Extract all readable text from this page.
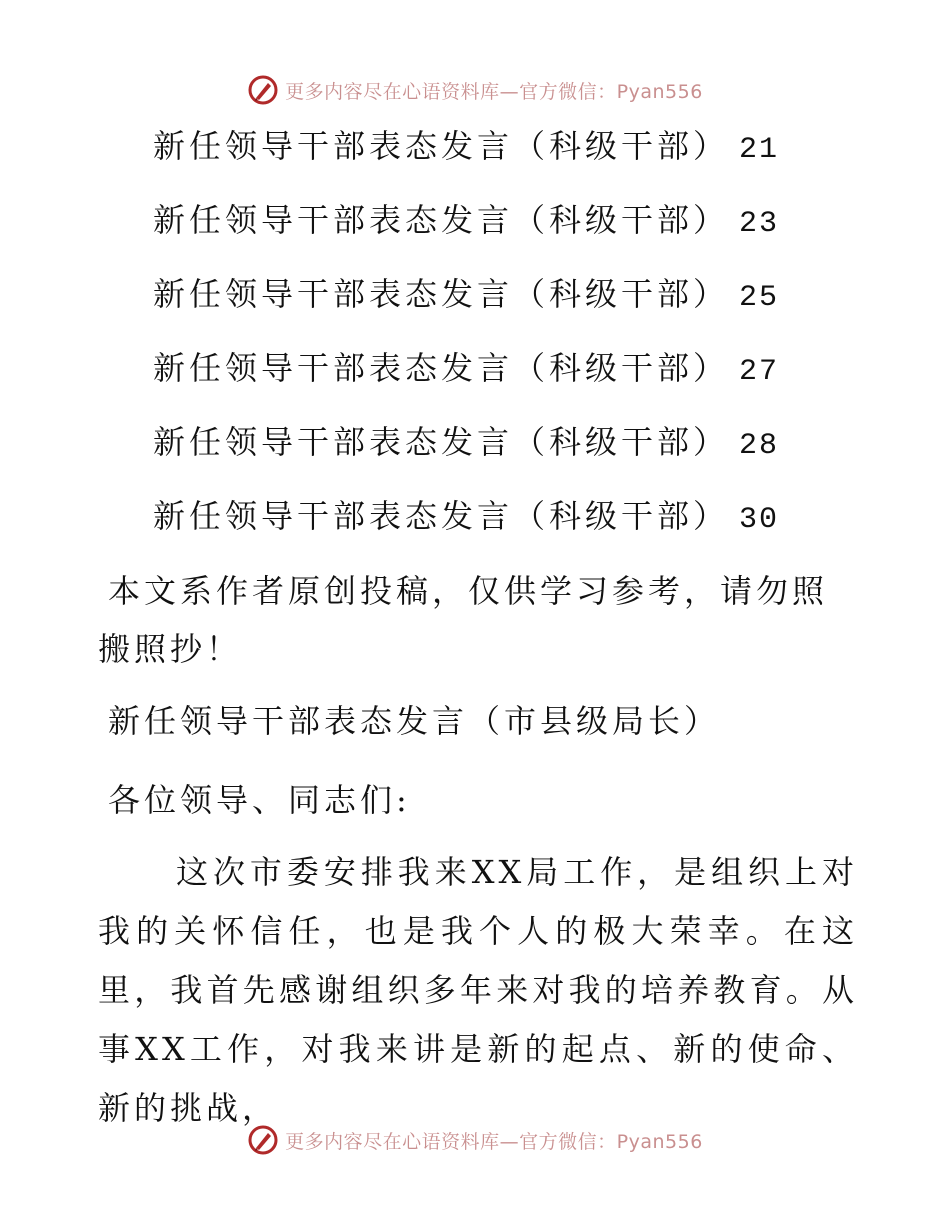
更多内容尽在心语资料库—官方微信：Pyan556
新任领导干部表态发言（科级干部） 21
新任领导干部表态发言（科级干部） 23
新任领导干部表态发言（科级干部） 25
新任领导干部表态发言（科级干部） 27
新任领导干部表态发言（科级干部） 28
新任领导干部表态发言（科级干部） 30
本文系作者原创投稿，仅供学习参考，请勿照搬照抄！
新任领导干部表态发言（市县级局长）
各位领导、同志们:
这次市委安排我来XX局工作，是组织上对我的关怀信任，也是我个人的极大荣幸。在这里，我首先感谢组织多年来对我的培养教育。从事XX工作，对我来讲是新的起点、新的使命、新的挑战，
更多内容尽在心语资料库—官方微信：Pyan556
